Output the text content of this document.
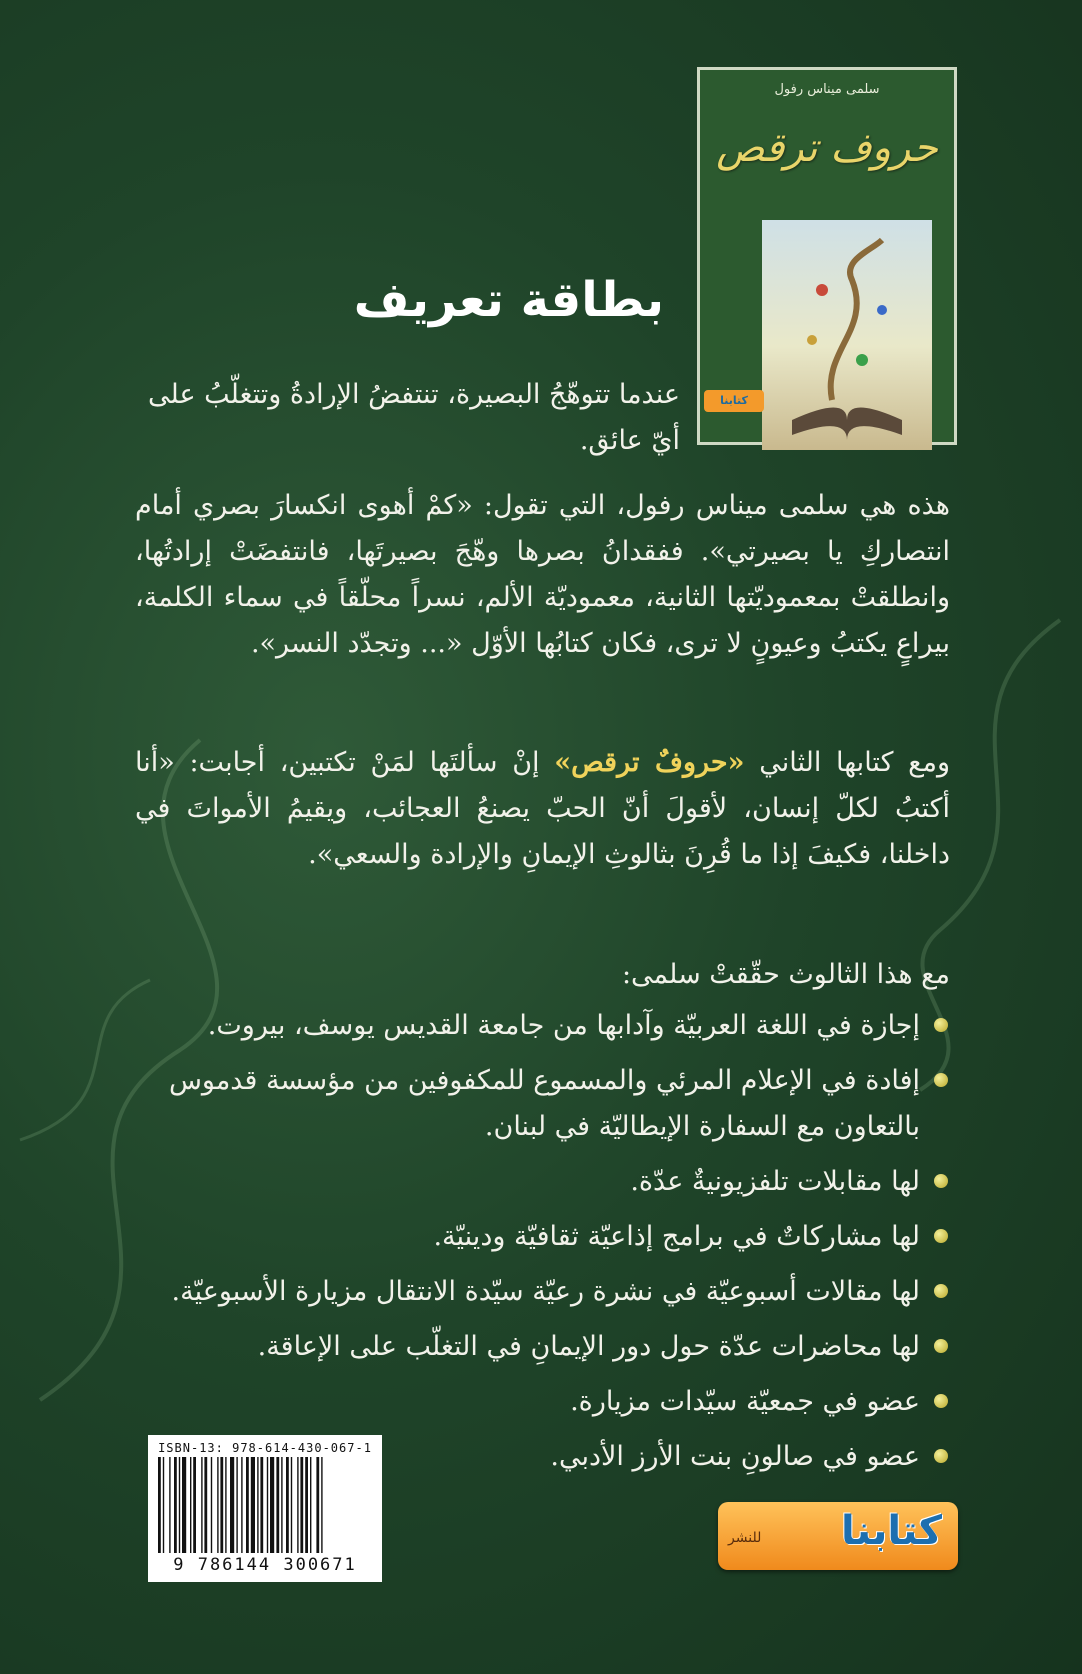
سلمى ميناس رفول
حروف ترقص
كتابنا
بطاقة تعريف

عندما تتوهّجُ البصيرة، تنتفضُ الإرادةُ وتتغلّبُ على أيّ عائق.

هذه هي سلمى ميناس رفول، التي تقول: «كمْ أهوى انكسارَ بصري أمام انتصاركِ يا بصيرتي». ففقدانُ بصرها وهّجَ بصيرتَها، فانتفضَتْ إرادتُها، وانطلقتْ بمعموديّتها الثانية، معموديّة الألم، نسراً محلّقاً في سماء الكلمة، بيراعٍ يكتبُ وعيونٍ لا ترى، فكان كتابُها الأوّل «... وتجدّد النسر».

ومع كتابها الثاني «حروفٌ ترقص» إنْ سألتَها لمَنْ تكتبين، أجابت: «أنا أكتبُ لكلّ إنسان، لأقولَ أنّ الحبّ يصنعُ العجائب، ويقيمُ الأمواتَ في داخلنا، فكيفَ إذا ما قُرِنَ بثالوثِ الإيمانِ والإرادة والسعي».

مع هذا الثالوث حقّقتْ سلمى:

إجازة في اللغة العربيّة وآدابها من جامعة القديس يوسف، بيروت.
إفادة في الإعلام المرئي والمسموع للمكفوفين من مؤسسة قدموس بالتعاون مع السفارة الإيطاليّة في لبنان.
لها مقابلات تلفزيونيةٌ عدّة.
لها مشاركاتٌ في برامج إذاعيّة ثقافيّة ودينيّة.
لها مقالات أسبوعيّة في نشرة رعيّة سيّدة الانتقال مزيارة الأسبوعيّة.
لها محاضرات عدّة حول دور الإيمانِ في التغلّب على الإعاقة.
عضو في جمعيّة سيّدات مزيارة.
عضو في صالونِ بنت الأرز الأدبي.
ISBN-13: 978-614-430-067-1
9 786144 300671
كتابنا
للنشر
